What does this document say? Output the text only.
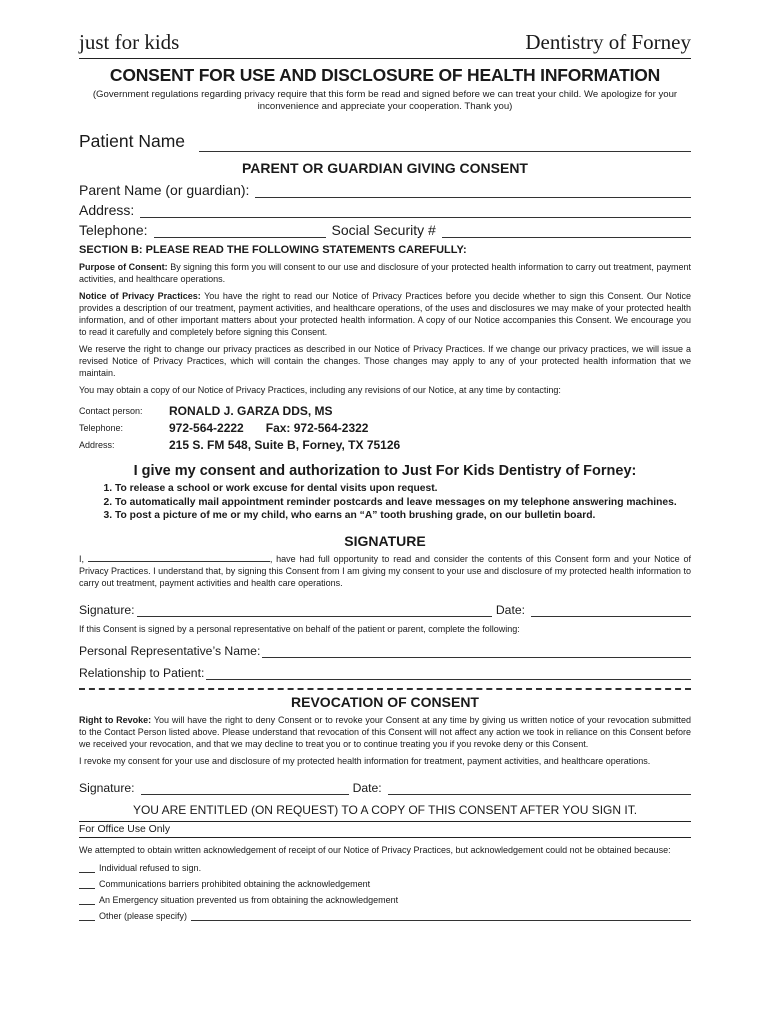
just for kids	Dentistry of Forney
CONSENT FOR USE AND DISCLOSURE OF HEALTH INFORMATION
(Government regulations regarding privacy require that this form be read and signed before we can treat your child. We apologize for your inconvenience and appreciate your cooperation. Thank you)
Patient Name
PARENT OR GUARDIAN GIVING CONSENT
Parent Name (or guardian):
Address:
Telephone:	Social Security #
SECTION B: PLEASE READ THE FOLLOWING STATEMENTS CAREFULLY:

Purpose of Consent: By signing this form you will consent to our use and disclosure of your protected health information to carry out treatment, payment activities, and healthcare operations.

Notice of Privacy Practices: You have the right to read our Notice of Privacy Practices before you decide whether to sign this Consent. Our Notice provides a description of our treatment, payment activities, and healthcare operations, of the uses and disclosures we may make of your protected health information, and of other important matters about your protected health information. A copy of our Notice accompanies this Consent. We encourage you to read it carefully and completely before signing this Consent.

We reserve the right to change our privacy practices as described in our Notice of Privacy Practices. If we change our privacy practices, we will issue a revised Notice of Privacy Practices, which will contain the changes. Those changes may apply to any of your protected health information that we maintain.

You may obtain a copy of our Notice of Privacy Practices, including any revisions of our Notice, at any time by contacting:

Contact person:	RONALD J. GARZA DDS, MS
Telephone:	972-564-2222 Fax: 972-564-2322
Address:	215 S. FM 548, Suite B, Forney, TX 75126
I give my consent and authorization to Just For Kids Dentistry of Forney:
1. To release a school or work excuse for dental visits upon request.
2. To automatically mail appointment reminder postcards and leave messages on my telephone answering machines.
3. To post a picture of me or my child, who earns an “A” tooth brushing grade, on our bulletin board.
SIGNATURE

I,	, have had full opportunity to read and consider the contents of this Consent form and your Notice of Privacy Practices. I understand that, by signing this Consent from I am giving my consent to your use and disclosure of my protected health information to carry out treatment, payment activities and health care operations.

Signature:	Date:

If this Consent is signed by a personal representative on behalf of the patient or parent, complete the following:

Personal Representative’s Name:
Relationship to Patient:
REVOCATION OF CONSENT

Right to Revoke: You will have the right to deny Consent or to revoke your Consent at any time by giving us written notice of your revocation submitted to the Contact Person listed above. Please understand that revocation of this Consent will not affect any action we took in reliance on this Consent before we received your revocation, and that we may decline to treat you or to continue treating you if you revoke deny or this Consent.

I revoke my consent for your use and disclosure of my protected health information for treatment, payment activities, and healthcare operations.

Signature:	Date:
YOU ARE ENTITLED (ON REQUEST) TO A COPY OF THIS CONSENT AFTER YOU SIGN IT.
For Office Use Only
We attempted to obtain written acknowledgement of receipt of our Notice of Privacy Practices, but acknowledgement could not be obtained because:
Individual refused to sign.
Communications barriers prohibited obtaining the acknowledgement
An Emergency situation prevented us from obtaining the acknowledgement
Other (please specify)
